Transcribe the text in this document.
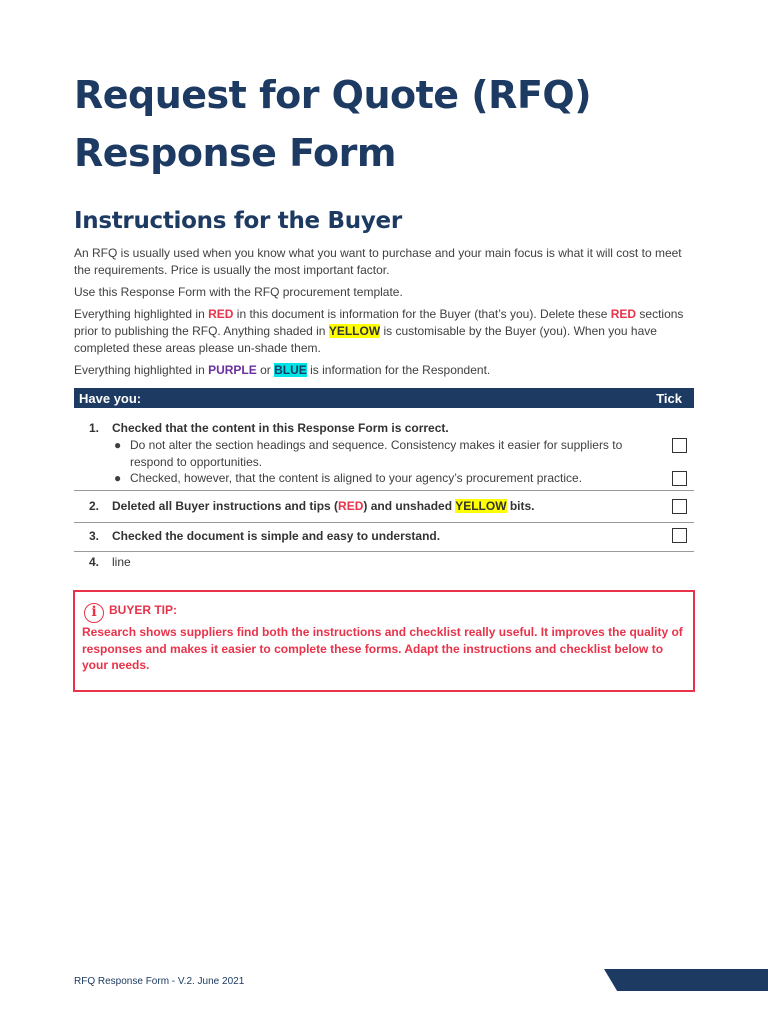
Request for Quote (RFQ)
Response Form
Instructions for the Buyer

An RFQ is usually used when you know what you want to purchase and your main focus is what it will cost to meet the requirements. Price is usually the most important factor.

Use this Response Form with the RFQ procurement template.

Everything highlighted in RED in this document is information for the Buyer (that’s you). Delete these RED sections prior to publishing the RFQ. Anything shaded in YELLOW is customisable by the Buyer (you). When you have completed these areas please un-shade them.

Everything highlighted in PURPLE or BLUE is information for the Respondent.

Have you:	Tick
1. Checked that the content in this Response Form is correct.
● Do not alter the section headings and sequence. Consistency makes it easier for suppliers to respond to opportunities.
● Checked, however, that the content is aligned to your agency’s procurement practice.
2. Deleted all Buyer instructions and tips (RED) and unshaded YELLOW bits.
3. Checked the document is simple and easy to understand.
4. line
i	BUYER TIP:

Research shows suppliers find both the instructions and checklist really useful. It improves the quality of responses and makes it easier to complete these forms. Adapt the instructions and checklist below to your needs.

RFQ Response Form - V.2. June 2021
